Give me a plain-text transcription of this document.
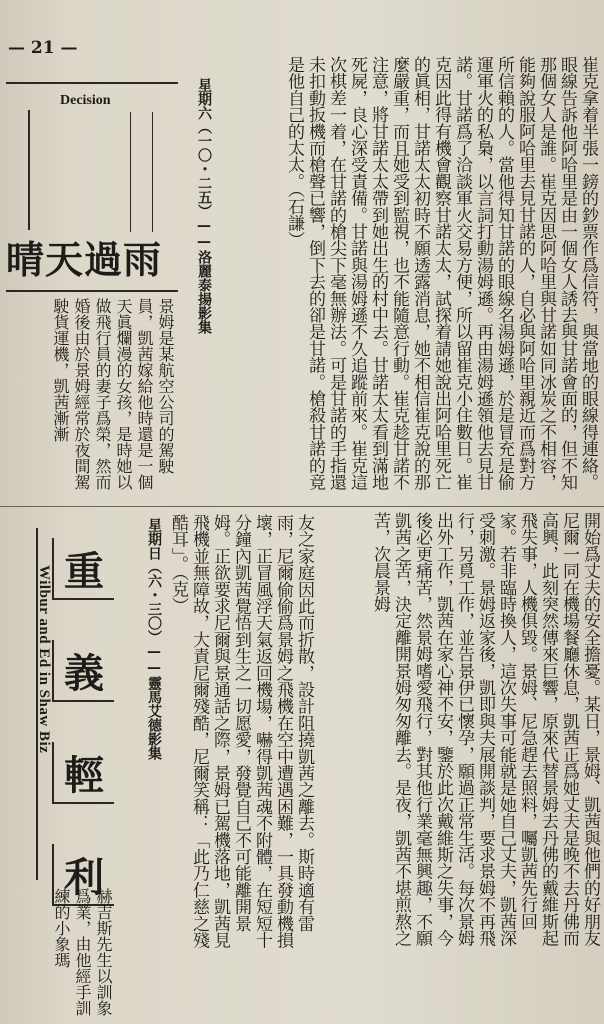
— 21 —
Decision
晴天過雨	崔克拿着半張一鎊的鈔票作爲信符，與當地的眼線得連絡。眼線告訴他阿哈里是由一個女人誘去與甘諾會面的，但不知那個女人是誰。崔克因思阿哈里與甘諾如同冰炭之不相容，能夠說服阿哈里去見甘諾的人，自必與阿哈里親近而爲對方所信賴的人。當他得知甘諾的眼線名湯姆遜，於是冒充是偷運軍火的私梟，以言詞打動湯姆遜。再由湯姆遜領他去見甘諾。甘諾爲了洽談軍火交易方便，所以留崔克小住數日。崔克因此得有機會觀察甘諾太太，試探着請她說出阿哈里死亡的眞相，甘諾太太初時不願透露消息，她不相信崔克說的那麼嚴重，而且她受到監視，也不能隨意行動。崔克趁甘諾不注意，將甘諾太太帶到她出生的村中去。甘諾太太看到滿地死屍，良心深受責備。甘諾與湯姆遜不久追蹤前來。崔克這次棋差一着，在甘諾的槍尖下毫無辦法。可是甘諾的手指還未扣動扳機而槍聲已響，倒下去的卻是甘諾。槍殺甘諾的竟是他自己的太太。（石謙）
星期六（一〇・二五）——洛麗泰揚影集
景姆是某航空公司的駕駛員，凱茜嫁給他時還是一個天眞爛漫的女孩，是時她以做飛行員的妻子爲榮，然而婚後由於景姆經常於夜間駕駛貨運機，凱茜漸漸
開始爲丈夫的安全擔憂。某日，景姆、凱茜與他們的好朋友尼爾一同在機場餐廳休息，凱茜正爲她丈夫是晚不去丹佛而高興，此刻突然傳來巨響，原來代替景姆去丹佛的戴維斯起飛失事，人機俱毀。景姆、尼急趕去照料，囑凱茜先行回家。若非臨時換人，這次失事可能就是她自己丈夫，凱茜深受刺激。景姆返家後，凱即與夫展開談判，要求景姆不再飛行，另覓工作，並告景伊已懷孕，願過正常生活。每次景姆出外工作，凱茜在家心神不安，鑒於此次戴維斯之失事，今後必更痛苦，然景姆嗜愛飛行，對其他行業毫無興趣，不願凱茜之苦，決定離開景姆匆匆離去。是夜，凱茜不堪煎熬之苦，次晨景姆
友之家庭因此而折散，設計阻撓凱茜之離去。斯時適有雷雨，尼爾偷偷爲景姆之飛機在空中遭遇困難，一具發動機損壞，正冒風浮天氣返回機場，嚇得凱茜魂不附體，在短短十分鐘內凱茜覺悟到生之一切愿愛，發覺自己不可能離開景姆。正欲要求尼爾與景通話之際，景姆已駕機落地，凱茜見飛機並無障故，大責尼爾殘酷，尼爾笑稱：「此乃仁慈之殘酷耳」。（克）
星期日（六・三〇）——靈馬艾德影集
重
義
輕
利
Wilbur and Ed in Shaw Biz
赫吉斯先生以訓象爲業，由他經手訓練的小象瑪
